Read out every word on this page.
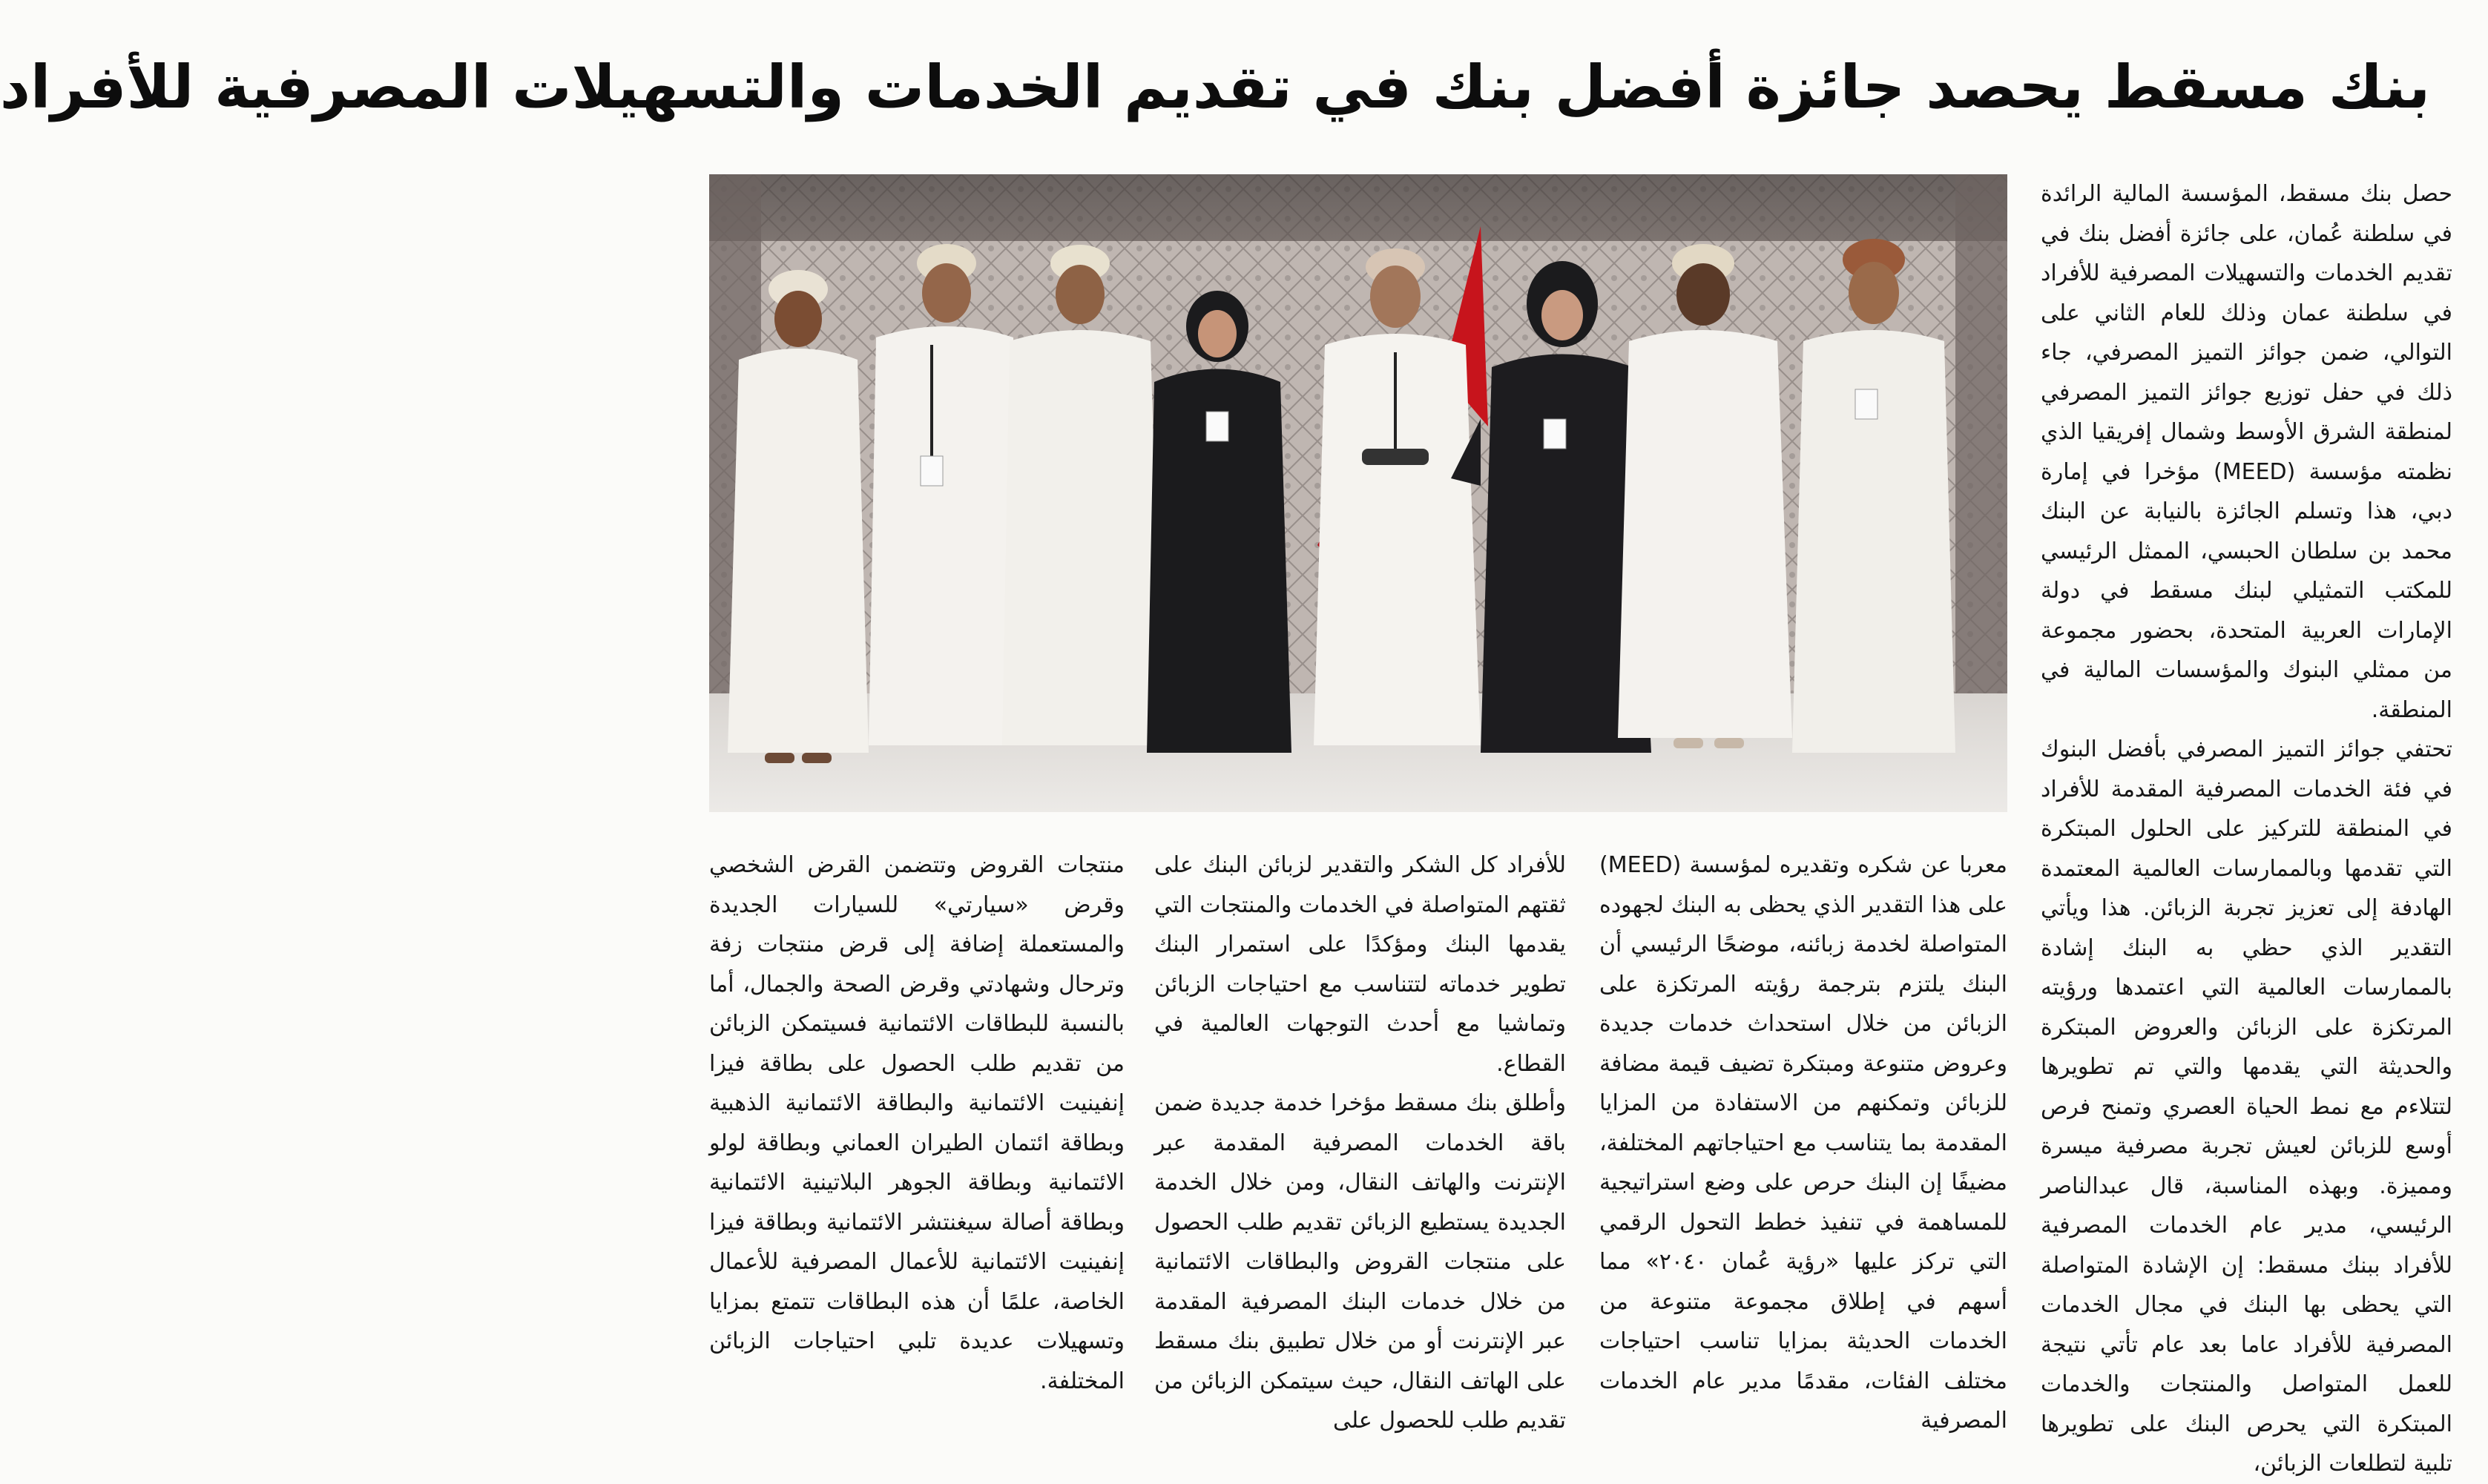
بنك مسقط يحصد جائزة أفضل بنك في تقديم الخدمات والتسهيلات المصرفية للأفراد

حصل بنك مسقط، المؤسسة المالية الرائدة في سلطنة عُمان، على جائزة أفضل بنك في تقديم الخدمات والتسهيلات المصرفية للأفراد في سلطنة عمان وذلك للعام الثاني على التوالي، ضمن جوائز التميز المصرفي، جاء ذلك في حفل توزيع جوائز التميز المصرفي لمنطقة الشرق الأوسط وشمال إفريقيا الذي نظمته مؤسسة (MEED) مؤخرا في إمارة دبي، هذا وتسلم الجائزة بالنيابة عن البنك محمد بن سلطان الحبسي، الممثل الرئيسي للمكتب التمثيلي لبنك مسقط في دولة الإمارات العربية المتحدة، بحضور مجموعة من ممثلي البنوك والمؤسسات المالية في المنطقة.

تحتفي جوائز التميز المصرفي بأفضل البنوك في فئة الخدمات المصرفية المقدمة للأفراد في المنطقة للتركيز على الحلول المبتكرة التي تقدمها وبالممارسات العالمية المعتمدة الهادفة إلى تعزيز تجربة الزبائن. هذا ويأتي التقدير الذي حظي به البنك إشادة بالممارسات العالمية التي اعتمدها ورؤيته المرتكزة على الزبائن والعروض المبتكرة والحديثة التي يقدمها والتي تم تطويرها لتتلاءم مع نمط الحياة العصري وتمنح فرص أوسع للزبائن لعيش تجربة مصرفية ميسرة ومميزة. وبهذه المناسبة، قال عبدالناصر الرئيسي، مدير عام الخدمات المصرفية للأفراد ببنك مسقط: إن الإشادة المتواصلة التي يحظى بها البنك في مجال الخدمات المصرفية للأفراد عاما بعد عام تأتي نتيجة للعمل المتواصل والمنتجات والخدمات المبتكرة التي يحرص البنك على تطويرها تلبية لتطلعات الزبائن،

معربا عن شكره وتقديره لمؤسسة (MEED) على هذا التقدير الذي يحظى به البنك لجهوده المتواصلة لخدمة زبائنه، موضحًا الرئيسي أن البنك يلتزم بترجمة رؤيته المرتكزة على الزبائن من خلال استحداث خدمات جديدة وعروض متنوعة ومبتكرة تضيف قيمة مضافة للزبائن وتمكنهم من الاستفادة من المزايا المقدمة بما يتناسب مع احتياجاتهم المختلفة، مضيفًا إن البنك حرص على وضع استراتيجية للمساهمة في تنفيذ خطط التحول الرقمي التي تركز عليها «رؤية عُمان ٢٠٤٠» مما أسهم في إطلاق مجموعة متنوعة من الخدمات الحديثة بمزايا تناسب احتياجات مختلف الفئات، مقدمًا مدير عام الخدمات المصرفية

للأفراد كل الشكر والتقدير لزبائن البنك على ثقتهم المتواصلة في الخدمات والمنتجات التي يقدمها البنك ومؤكدًا على استمرار البنك تطوير خدماته لتتناسب مع احتياجات الزبائن وتماشيا مع أحدث التوجهات العالمية في القطاع.

وأطلق بنك مسقط مؤخرا خدمة جديدة ضمن باقة الخدمات المصرفية المقدمة عبر الإنترنت والهاتف النقال، ومن خلال الخدمة الجديدة يستطيع الزبائن تقديم طلب الحصول على منتجات القروض والبطاقات الائتمانية من خلال خدمات البنك المصرفية المقدمة عبر الإنترنت أو من خلال تطبيق بنك مسقط على الهاتف النقال، حيث سيتمكن الزبائن من تقديم طلب للحصول على

منتجات القروض وتتضمن القرض الشخصي وقرض «سيارتي» للسيارات الجديدة والمستعملة إضافة إلى قرض منتجات زفة وترحال وشهادتي وقرض الصحة والجمال، أما بالنسبة للبطاقات الائتمانية فسيتمكن الزبائن من تقديم طلب الحصول على بطاقة فيزا إنفينيت الائتمانية والبطاقة الائتمانية الذهبية وبطاقة ائتمان الطيران العماني وبطاقة لولو الائتمانية وبطاقة الجوهر البلاتينية الائتمانية وبطاقة أصالة سيغنتشر الائتمانية وبطاقة فيزا إنفينيت الائتمانية للأعمال المصرفية للأعمال الخاصة، علمًا أن هذه البطاقات تتمتع بمزايا وتسهيلات عديدة تلبي احتياجات الزبائن المختلفة.
